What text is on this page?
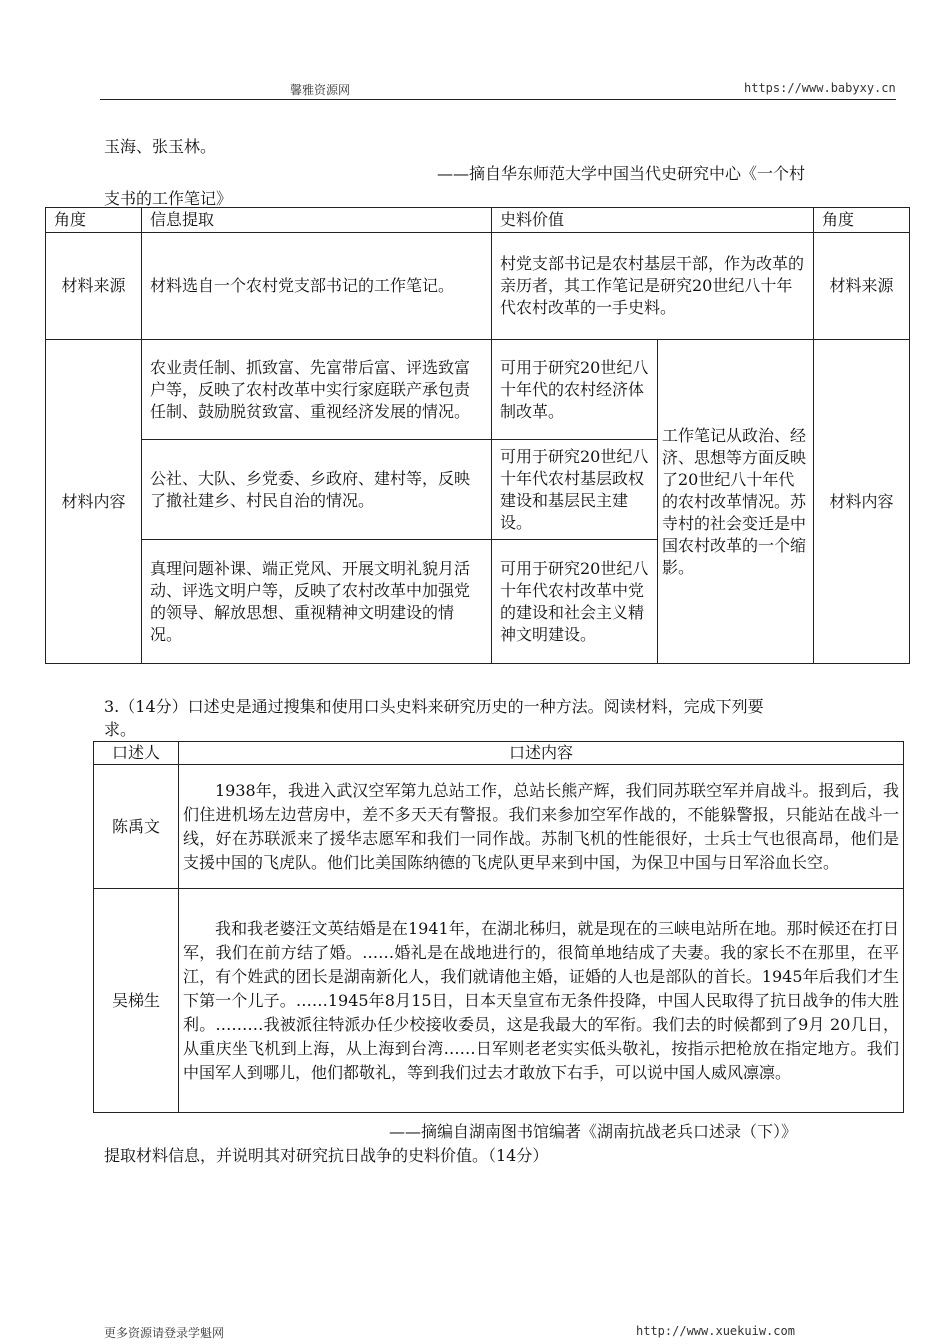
馨雅资源网	https://www.babyxy.cn
玉海、张玉林。
——摘自华东师范大学中国当代史研究中心《一个村
支书的工作笔记》
角度	信息提取	史料价值		角度
材料来源	材料选自一个农村党支部书记的工作笔记。	村党支部书记是农村基层干部，作为改革的亲历者，其工作笔记是研究20世纪八十年代农村改革的一手史料。		材料来源
材料内容	农业责任制、抓致富、先富带后富、评选致富户等，反映了农村改革中实行家庭联产承包责任制、鼓励脱贫致富、重视经济发展的情况。	可用于研究20世纪八十年代的农村经济体制改革。	工作笔记从政治、经济、思想等方面反映了20世纪八十年代的农村改革情况。苏寺村的社会变迁是中国农村改革的一个缩影。	材料内容
	公社、大队、乡党委、乡政府、建村等，反映了撤社建乡、村民自治的情况。	可用于研究20世纪八十年代农村基层政权建设和基层民主建设。		
	真理问题补课、端正党风、开展文明礼貌月活动、评选文明户等，反映了农村改革中加强党的领导、解放思想、重视精神文明建设的情况。	可用于研究20世纪八十年代农村改革中党的建设和社会主义精神文明建设。		
3.（14分）口述史是通过搜集和使用口头史料来研究历史的一种方法。阅读材料，完成下列要
求。
口述人	口述内容
陈禹文	1938年，我进入武汉空军第九总站工作，总站长熊产辉，我们同苏联空军并肩战斗。报到后，我们住进机场左边营房中，差不多天天有警报。我们来参加空军作战的，不能躲警报，只能站在战斗一线，好在苏联派来了援华志愿军和我们一同作战。苏制飞机的性能很好，士兵士气也很高昂，他们是支援中国的飞虎队。他们比美国陈纳德的飞虎队更早来到中国，为保卫中国与日军浴血长空。
吴梯生	我和我老婆汪文英结婚是在1941年，在湖北秭归，就是现在的三峡电站所在地。那时候还在打日军，我们在前方结了婚。……婚礼是在战地进行的，很简单地结成了夫妻。我的家长不在那里，在平江，有个姓武的团长是湖南新化人，我们就请他主婚，证婚的人也是部队的首长。1945年后我们才生下第一个儿子。……1945年8月15日，日本天皇宣布无条件投降，中国人民取得了抗日战争的伟大胜利。………我被派往特派办任少校接收委员，这是我最大的军衔。我们去的时候都到了9月 20几日，从重庆坐飞机到上海，从上海到台湾……日军则老老实实低头敬礼，按指示把枪放在指定地方。我们中国军人到哪儿，他们都敬礼，等到我们过去才敢放下右手，可以说中国人威风凛凛。
——摘编自湖南图书馆编著《湖南抗战老兵口述录（下）》
提取材料信息，并说明其对研究抗日战争的史料价值。（14分）
更多资源请登录学魁网	http://www.xuekuiw.com
